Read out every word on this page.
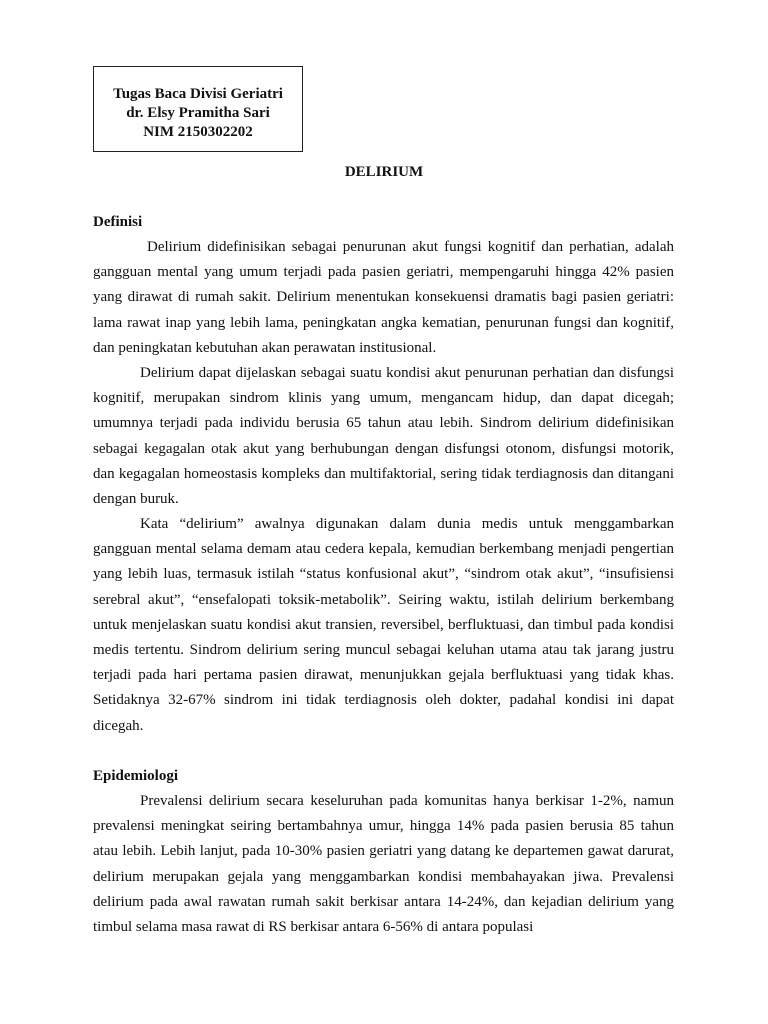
Tugas Baca Divisi Geriatri
dr. Elsy Pramitha Sari
NIM 2150302202
DELIRIUM
Definisi

Delirium didefinisikan sebagai penurunan akut fungsi kognitif dan perhatian, adalah gangguan mental yang umum terjadi pada pasien geriatri, mempengaruhi hingga 42% pasien yang dirawat di rumah sakit. Delirium menentukan konsekuensi dramatis bagi pasien geriatri: lama rawat inap yang lebih lama, peningkatan angka kematian, penurunan fungsi dan kognitif, dan peningkatan kebutuhan akan perawatan institusional.

Delirium dapat dijelaskan sebagai suatu kondisi akut penurunan perhatian dan disfungsi kognitif, merupakan sindrom klinis yang umum, mengancam hidup, dan dapat dicegah; umumnya terjadi pada individu berusia 65 tahun atau lebih. Sindrom delirium didefinisikan sebagai kegagalan otak akut yang berhubungan dengan disfungsi otonom, disfungsi motorik, dan kegagalan homeostasis kompleks dan multifaktorial, sering tidak terdiagnosis dan ditangani dengan buruk.

Kata “delirium” awalnya digunakan dalam dunia medis untuk menggambarkan gangguan mental selama demam atau cedera kepala, kemudian berkembang menjadi pengertian yang lebih luas, termasuk istilah “status konfusional akut”, “sindrom otak akut”, “insufisiensi serebral akut”, “ensefalopati toksik-metabolik”. Seiring waktu, istilah delirium berkembang untuk menjelaskan suatu kondisi akut transien, reversibel, berfluktuasi, dan timbul pada kondisi medis tertentu. Sindrom delirium sering muncul sebagai keluhan utama atau tak jarang justru terjadi pada hari pertama pasien dirawat, menunjukkan gejala berfluktuasi yang tidak khas. Setidaknya 32-67% sindrom ini tidak terdiagnosis oleh dokter, padahal kondisi ini dapat dicegah.

Epidemiologi

Prevalensi delirium secara keseluruhan pada komunitas hanya berkisar 1-2%, namun prevalensi meningkat seiring bertambahnya umur, hingga 14% pada pasien berusia 85 tahun atau lebih. Lebih lanjut, pada 10-30% pasien geriatri yang datang ke departemen gawat darurat, delirium merupakan gejala yang menggambarkan kondisi membahayakan jiwa. Prevalensi delirium pada awal rawatan rumah sakit berkisar antara 14-24%, dan kejadian delirium yang timbul selama masa rawat di RS berkisar antara 6-56% di antara populasi
